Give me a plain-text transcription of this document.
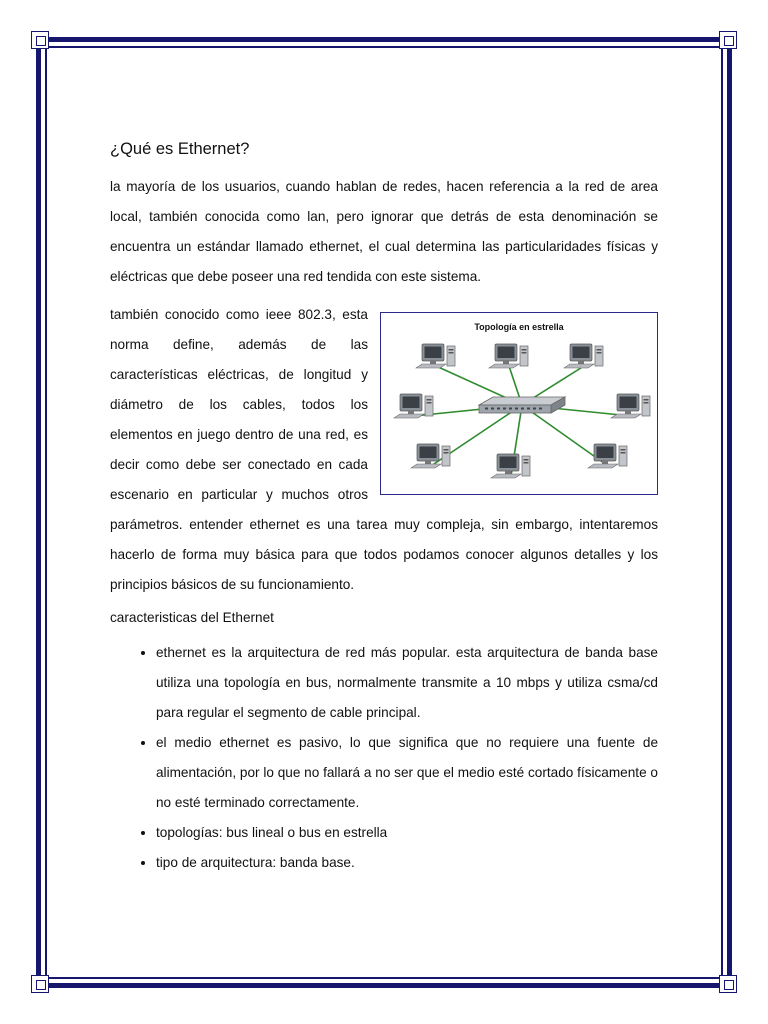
¿Qué es Ethernet?

la mayoría de los usuarios, cuando hablan de redes, hacen referencia a la red de area local, también conocida como lan, pero ignorar que detrás de esta denominación se encuentra un estándar llamado ethernet, el cual determina las particularidades físicas y eléctricas que debe poseer una red tendida con este sistema.

Topología en estrella

también conocido como ieee 802.3, esta norma define, además de las características eléctricas, de longitud y diámetro de los cables, todos los elementos en juego dentro de una red, es decir como debe ser conectado en cada escenario en particular y muchos otros

parámetros. entender ethernet es una tarea muy compleja, sin embargo, intentaremos hacerlo de forma muy básica para que todos podamos conocer algunos detalles y los principios básicos de su funcionamiento.

caracteristicas del Ethernet
• ethernet es la arquitectura de red más popular. esta arquitectura de banda base utiliza una topología en bus, normalmente transmite a 10 mbps y utiliza csma/cd para regular el segmento de cable principal.
• el medio ethernet es pasivo, lo que significa que no requiere una fuente de alimentación, por lo que no fallará a no ser que el medio esté cortado físicamente o no esté terminado correctamente.
• topologías: bus lineal o bus en estrella
• tipo de arquitectura: banda base.
